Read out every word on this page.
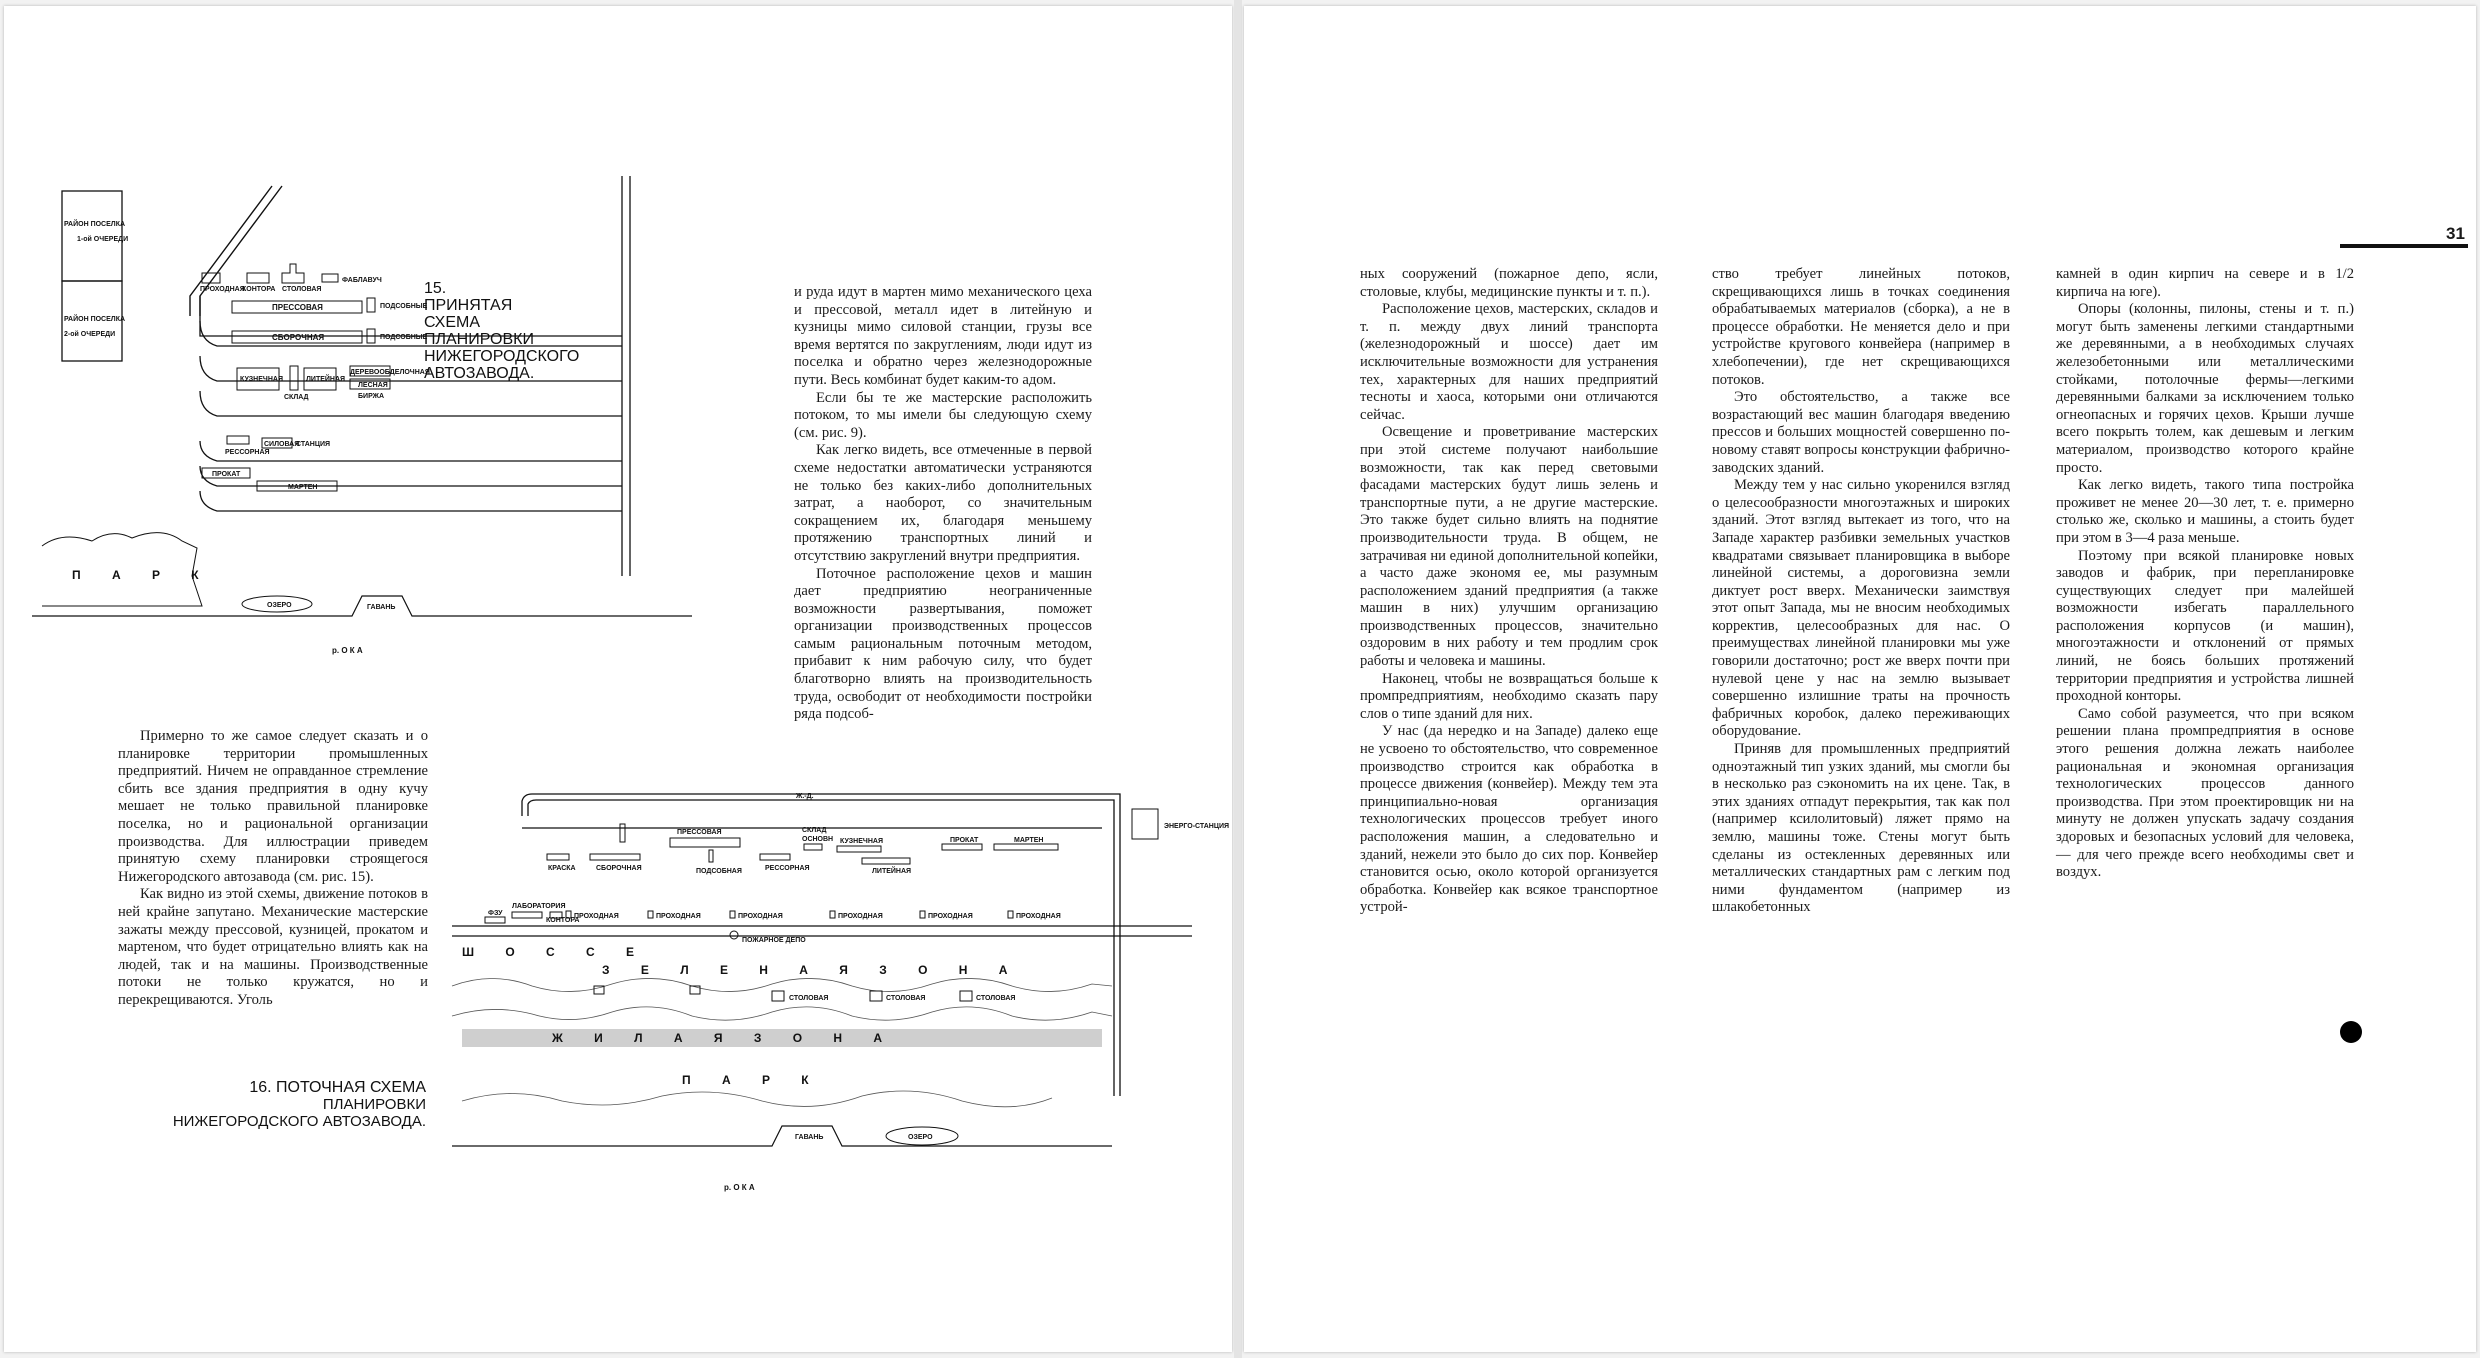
ПРОХОДНАЯ
КОНТОРА СТОЛОВАЯ
ФАБЛАВУЧ
ПРЕССОВАЯ
СБОРОЧНАЯ
ПОДСОБНЫЕ
ПОДСОБНЫЕ
КУЗНЕЧНАЯ
СКЛАД
ЛИТЕЙНАЯ
ДЕРЕВООБДЕЛОЧНАЯ
ЛЕСНАЯ
БИРЖА
РЕССОРНАЯ
СИЛОВАЯ
СТАНЦИЯ
ПРОКАТ
МАРТЕН
РАЙОН ПОСЕЛКА
1-ой ОЧЕРЕДИ
РАЙОН ПОСЕЛКА
2-ой ОЧЕРЕДИ
П А Р К
ОЗЕРО	ГАВАНЬ
р. О К А
15.
ПРИНЯТАЯ
СХЕМА
ПЛАНИРОВКИ
НИЖЕГОРОДСКОГО
АВТОЗАВОДА.

и руда идут в мартен мимо механического цеха и прессовой, металл идет в литейную и кузницы мимо силовой станции, грузы все время вертятся по закруглениям, люди идут из поселка и обратно через железнодорожные пути. Весь комбинат будет каким-то адом.

Если бы те же мастерские расположить потоком, то мы имели бы следующую схему (см. рис. 9).

Как легко видеть, все отмеченные в первой схеме недостатки автоматически устраняются не только без каких-либо дополнительных затрат, а наоборот, со значительным сокращением их, благодаря меньшему протяжению транспортных линий и отсутствию закруглений внутри предприятия.

Поточное расположение цехов и машин дает предприятию неограниченные возможности развертывания, поможет организации производственных процессов самым рациональным поточным методом, прибавит к ним рабочую силу, что будет благотворно влиять на производительность труда, освободит от необходимости постройки ряда подсоб-

Ж.-Д.
ЭНЕРГО-СТАНЦИЯ
ПРЕССОВАЯ
ПОДСОБНАЯ
СКЛАД
ОСНОВН КУЗНЕЧНАЯ	ПРОКАТ	МАРТЕН
КРАСКА	СБОРОЧНАЯ	РЕССОРНАЯ	ЛИТЕЙНАЯ
ФЗУ
ЛАБОРАТОРИЯ
КОНТОРА
ПРОХОДНАЯ	ПРОХОДНАЯ	ПРОХОДНАЯ	ПРОХОДНАЯ	ПРОХОДНАЯ	ПРОХОДНАЯ
ПОЖАРНОЕ ДЕПО
Ш О С С Е
З Е Л Е Н А Я З О Н А
СТОЛОВАЯ	СТОЛОВАЯ	СТОЛОВАЯ
Ж И Л А Я З О Н А
П А Р К
ОЗЕРО
ГАВАНЬ
р. О К А

Примерно то же самое следует сказать и о планировке территории промышленных предприятий. Ничем не оправданное стремление сбить все здания предприятия в одну кучу мешает не только правильной планировке поселка, но и рациональной организации производства. Для иллюстрации приведем принятую схему планировки строящегося Нижегородского автозавода (см. рис. 15).

Как видно из этой схемы, движение потоков в ней крайне запутано. Механические мастерские зажаты между прессовой, кузницей, прокатом и мартеном, что будет отрицательно влиять как на людей, так и на машины. Производственные потоки не только кружатся, но и перекрещиваются. Уголь

16. ПОТОЧНАЯ СХЕМА
ПЛАНИРОВКИ
НИЖЕГОРОДСКОГО АВТОЗАВОДА.
31

ных сооружений (пожарное депо, ясли, столовые, клубы, медицинские пункты и т. п.).

Расположение цехов, мастерских, складов и т. п. между двух линий транспорта (железнодорожный и шоссе) дает им исключительные возможности для устранения тех, характерных для наших предприятий тесноты и хаоса, которыми они отличаются сейчас.

Освещение и проветривание мастерских при этой системе получают наибольшие возможности, так как перед световыми фасадами мастерских будут лишь зелень и транспортные пути, а не другие мастерские. Это также будет сильно влиять на поднятие производительности труда. В общем, не затрачивая ни единой дополнительной копейки, а часто даже экономя ее, мы разумным расположением зданий предприятия (а также машин в них) улучшим организацию производственных процессов, значительно оздоровим в них работу и тем продлим срок работы и человека и машины.

Наконец, чтобы не возвращаться больше к промпредприятиям, необходимо сказать пару слов о типе зданий для них.

У нас (да нередко и на Западе) далеко еще не усвоено то обстоятельство, что современное производство строится как обработка в процессе движения (конвейер). Между тем эта принципиально-новая организация технологических процессов требует иного расположения машин, а следовательно и зданий, нежели это было до сих пор. Конвейер становится осью, около которой организуется обработка. Конвейер как всякое транспортное устрой-

ство требует линейных потоков, скрещивающихся лишь в точках соединения обрабатываемых материалов (сборка), а не в процессе обработки. Не меняется дело и при устройстве кругового конвейера (например в хлебопечении), где нет скрещивающихся потоков.

Это обстоятельство, а также все возрастающий вес машин благодаря введению прессов и больших мощностей совершенно по-новому ставят вопросы конструкции фабрично-заводских зданий.

Между тем у нас сильно укоренился взгляд о целесообразности многоэтажных и широких зданий. Этот взгляд вытекает из того, что на Западе характер разбивки земельных участков квадратами связывает планировщика в выборе линейной системы, а дороговизна земли диктует рост вверх. Механически заимствуя этот опыт Запада, мы не вносим необходимых корректив, целесообразных для нас. О преимуществах линейной планировки мы уже говорили достаточно; рост же вверх почти при нулевой цене у нас на землю вызывает совершенно излишние траты на прочность фабричных коробок, далеко переживающих оборудование.

Приняв для промышленных предприятий одноэтажный тип узких зданий, мы смогли бы в несколько раз сэкономить на их цене. Так, в этих зданиях отпадут перекрытия, так как пол (например ксилолитовый) ляжет прямо на землю, машины тоже. Стены могут быть сделаны из остекленных деревянных или металлических стандартных рам с легким под ними фундаментом (например из шлакобетонных

камней в один кирпич на севере и в 1/2 кирпича на юге).

Опоры (колонны, пилоны, стены и т. п.) могут быть заменены легкими стандартными же деревянными, а в необходимых случаях железобетонными или металлическими стойками, потолочные фермы—легкими деревянными балками за исключением только огнеопасных и горячих цехов. Крыши лучше всего покрыть толем, как дешевым и легким материалом, производство которого крайне просто.

Как легко видеть, такого типа постройка проживет не менее 20—30 лет, т. е. примерно столько же, сколько и машины, а стоить будет при этом в 3—4 раза меньше.

Поэтому при всякой планировке новых заводов и фабрик, при перепланировке существующих следует при малейшей возможности избегать параллельного расположения корпусов (и машин), многоэтажности и отклонений от прямых линий, не боясь больших протяжений территории предприятия и устройства лишней проходной конторы.

Само собой разумеется, что при всяком решении плана промпредприятия в основе этого решения должна лежать наиболее рациональная и экономная организация технологических процессов данного производства. При этом проектировщик ни на минуту не должен упускать задачу создания здоровых и безопасных условий для человека, — для чего прежде всего необходимы свет и воздух.
